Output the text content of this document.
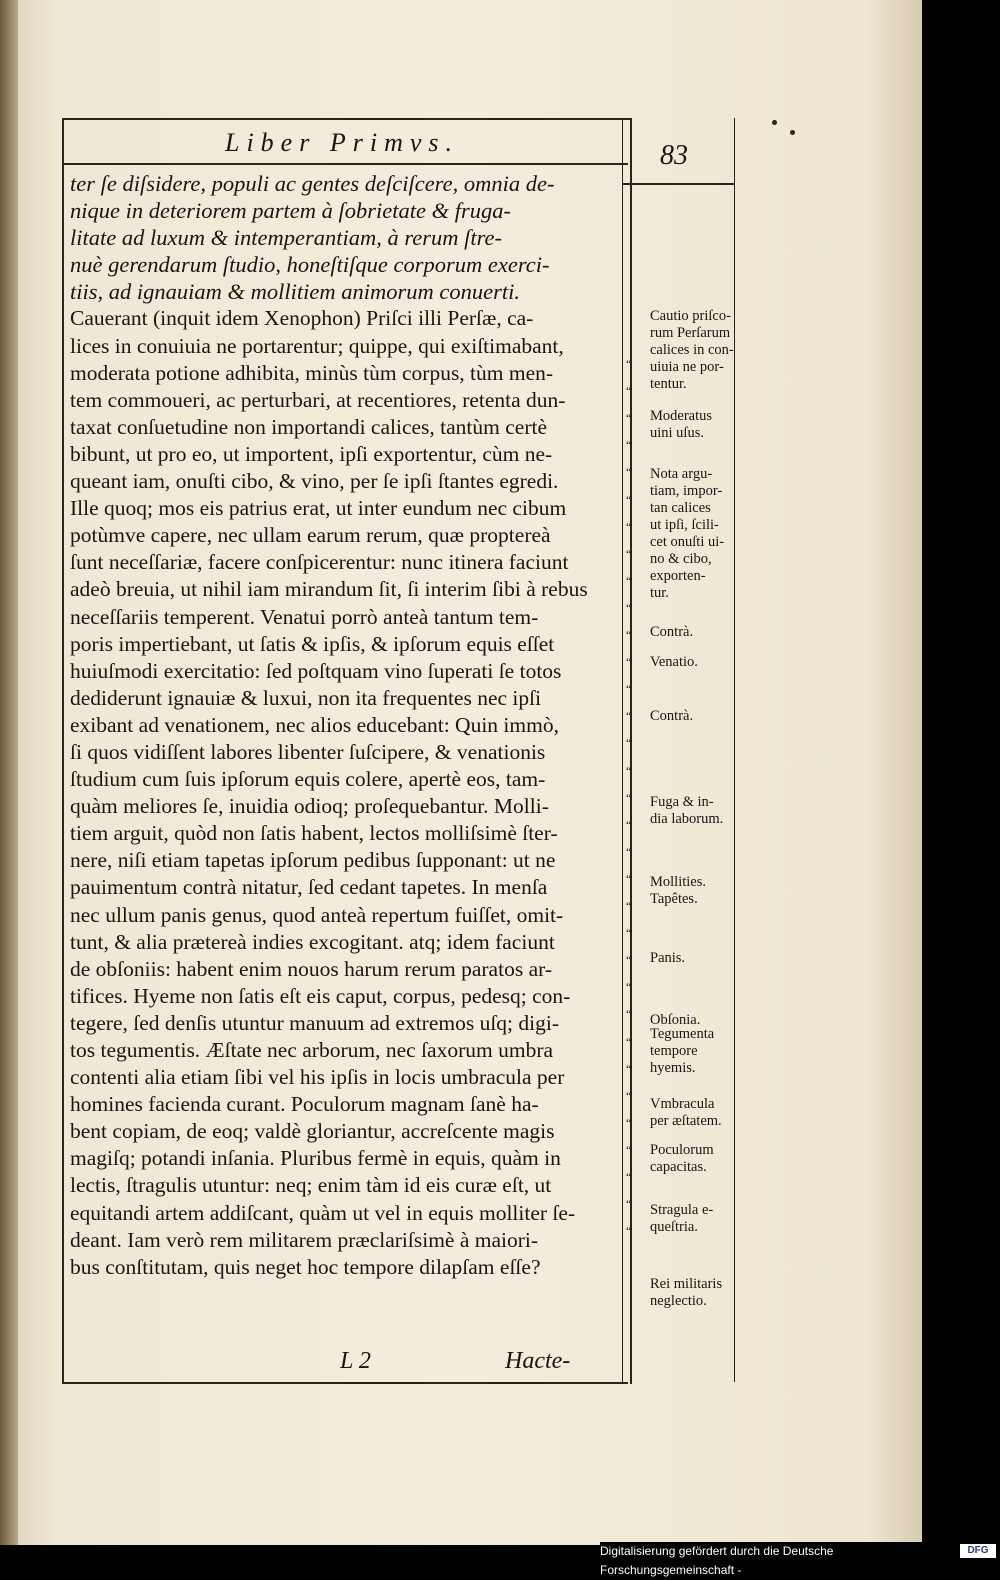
Liber Primvs.	83
ter ſe diſsidere, populi ac gentes deſciſcere, omnia de-
nique in deteriorem partem à ſobrietate & fruga-
litate ad luxum & intemperantiam, à rerum ſtre-
nuè gerendarum ſtudio, honeſtiſque corporum exerci-
tiis, ad ignauiam & mollitiem animorum conuerti.
Cauerant (inquit idem Xenophon) Priſci illi Perſæ, ca-
lices in conuiuia ne portarentur; quippe, qui exiſtimabant,
moderata potione adhibita, minùs tùm corpus, tùm men-
tem commoueri, ac perturbari, at recentiores, retenta dun-
taxat conſuetudine non importandi calices, tantùm certè
bibunt, ut pro eo, ut importent, ipſi exportentur, cùm ne-
queant iam, onuſti cibo, & vino, per ſe ipſi ſtantes egredi.
Ille quoq; mos eis patrius erat, ut inter eundum nec cibum
potùmve capere, nec ullam earum rerum, quæ proptereà
ſunt neceſſariæ, facere conſpicerentur: nunc itinera faciunt
adeò breuia, ut nihil iam mirandum ſit, ſi interim ſibi à rebus
neceſſariis temperent. Venatui porrò anteà tantum tem-
poris impertiebant, ut ſatis & ipſis, & ipſorum equis eſſet
huiuſmodi exercitatio: ſed poſtquam vino ſuperati ſe totos
dediderunt ignauiæ & luxui, non ita frequentes nec ipſi
exibant ad venationem, nec alios educebant: Quin immò,
ſi quos vidiſſent labores libenter ſuſcipere, & venationis
ſtudium cum ſuis ipſorum equis colere, apertè eos, tam-
quàm meliores ſe, inuidia odioq; proſequebantur. Molli-
tiem arguit, quòd non ſatis habent, lectos molliſsimè ſter-
nere, niſi etiam tapetas ipſorum pedibus ſupponant: ut ne
pauimentum contrà nitatur, ſed cedant tapetes. In menſa
nec ullum panis genus, quod anteà repertum fuiſſet, omit-
tunt, & alia prætereà indies excogitant. atq; idem faciunt
de obſoniis: habent enim nouos harum rerum paratos ar-
tifices. Hyeme non ſatis eſt eis caput, corpus, pedesq; con-
tegere, ſed denſis utuntur manuum ad extremos uſq; digi-
tos tegumentis. Æſtate nec arborum, nec ſaxorum umbra
contenti alia etiam ſibi vel his ipſis in locis umbracula per
homines facienda curant. Poculorum magnam ſanè ha-
bent copiam, de eoq; valdè gloriantur, accreſcente magis
magiſq; potandi inſania. Pluribus fermè in equis, quàm in
lectis, ſtragulis utuntur: neq; enim tàm id eis curæ eſt, ut
equitandi artem addiſcant, quàm ut vel in equis molliter ſe-
deant. Iam verò rem militarem præclariſsimè à maiori-
bus conſtitutam, quis neget hoc tempore dilapſam eſſe?
Cautio priſco-
rum Perſarum
calices in con-
uiuia ne por-
tentur.
Moderatus
uini uſus.
Nota argu-
tiam, impor-
tan calices
ut ipſi, ſcili-
cet onuſti ui-
no & cibo,
exporten-
tur.
Contrà.
Venatio.
Contrà.
Fuga & in-
dia laborum.
Mollities.
Tapêtes.
Panis.
Obſonia.
Tegumenta
tempore
hyemis.
Vmbracula
per æſtatem.
Poculorum
capacitas.
Stragula e-
queſtria.
Rei militaris
neglectio.
“
“
“
“
“
“
“
“
“
“
“
“
“
“
“
“
“
“
“
“
“
“
“
“
“
“
“
“
“
“
“
“
“
L 2	Hacte-
Digitalisierung gefördert durch die Deutsche Forschungsgemeinschaft -
DFG
